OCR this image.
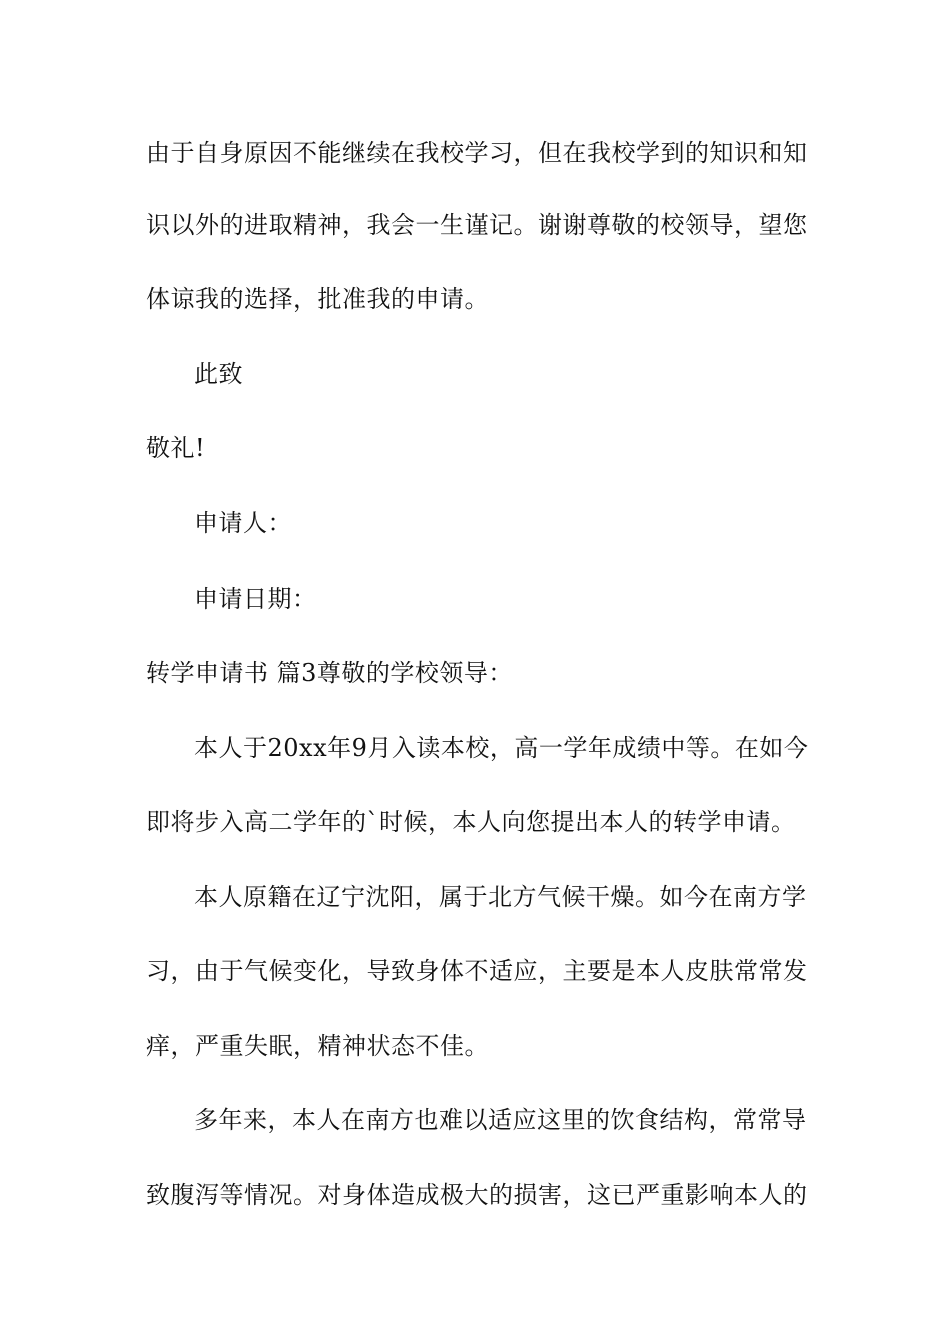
由于自身原因不能继续在我校学习，但在我校学到的知识和知
识以外的进取精神，我会一生谨记。谢谢尊敬的校领导，望您
体谅我的选择，批准我的申请。
此致
敬礼!
申请人：
申请日期：
转学申请书 篇3尊敬的学校领导：
本人于20xx年9月入读本校，高一学年成绩中等。在如今
即将步入高二学年的`时候，本人向您提出本人的转学申请。
本人原籍在辽宁沈阳，属于北方气候干燥。如今在南方学
习，由于气候变化，导致身体不适应，主要是本人皮肤常常发
痒，严重失眠，精神状态不佳。
多年来，本人在南方也难以适应这里的饮食结构，常常导
致腹泻等情况。对身体造成极大的损害，这已严重影响本人的
